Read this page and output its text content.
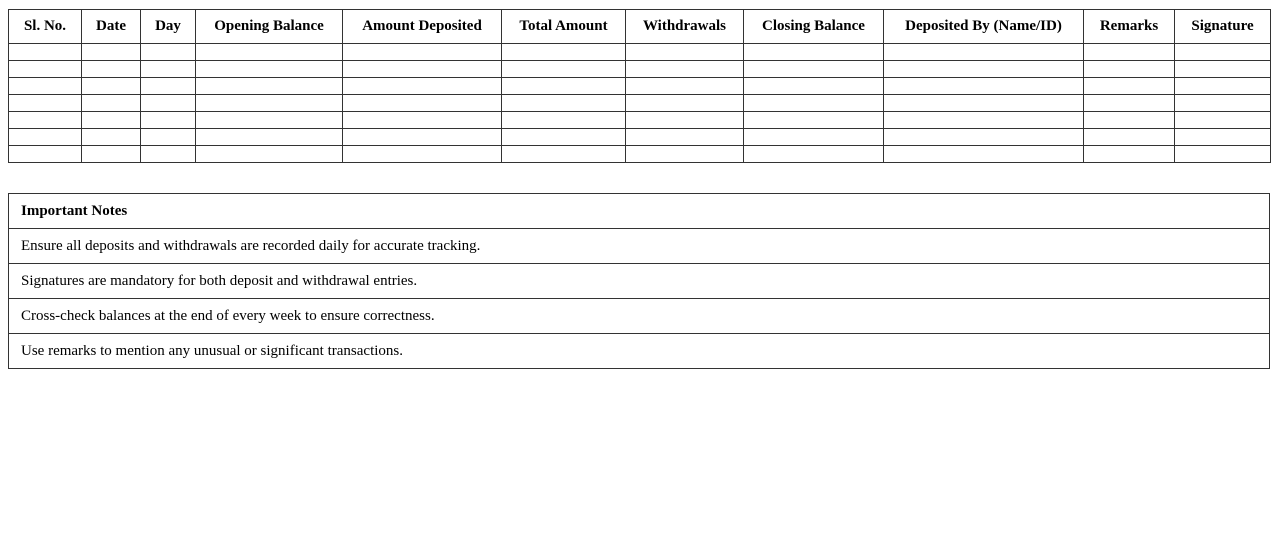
Sl. No.	Date	Day	Opening Balance	Amount Deposited	Total Amount	Withdrawals	Closing Balance	Deposited By (Name/ID)	Remarks	Signature

Important Notes
Ensure all deposits and withdrawals are recorded daily for accurate tracking.
Signatures are mandatory for both deposit and withdrawal entries.
Cross-check balances at the end of every week to ensure correctness.
Use remarks to mention any unusual or significant transactions.
